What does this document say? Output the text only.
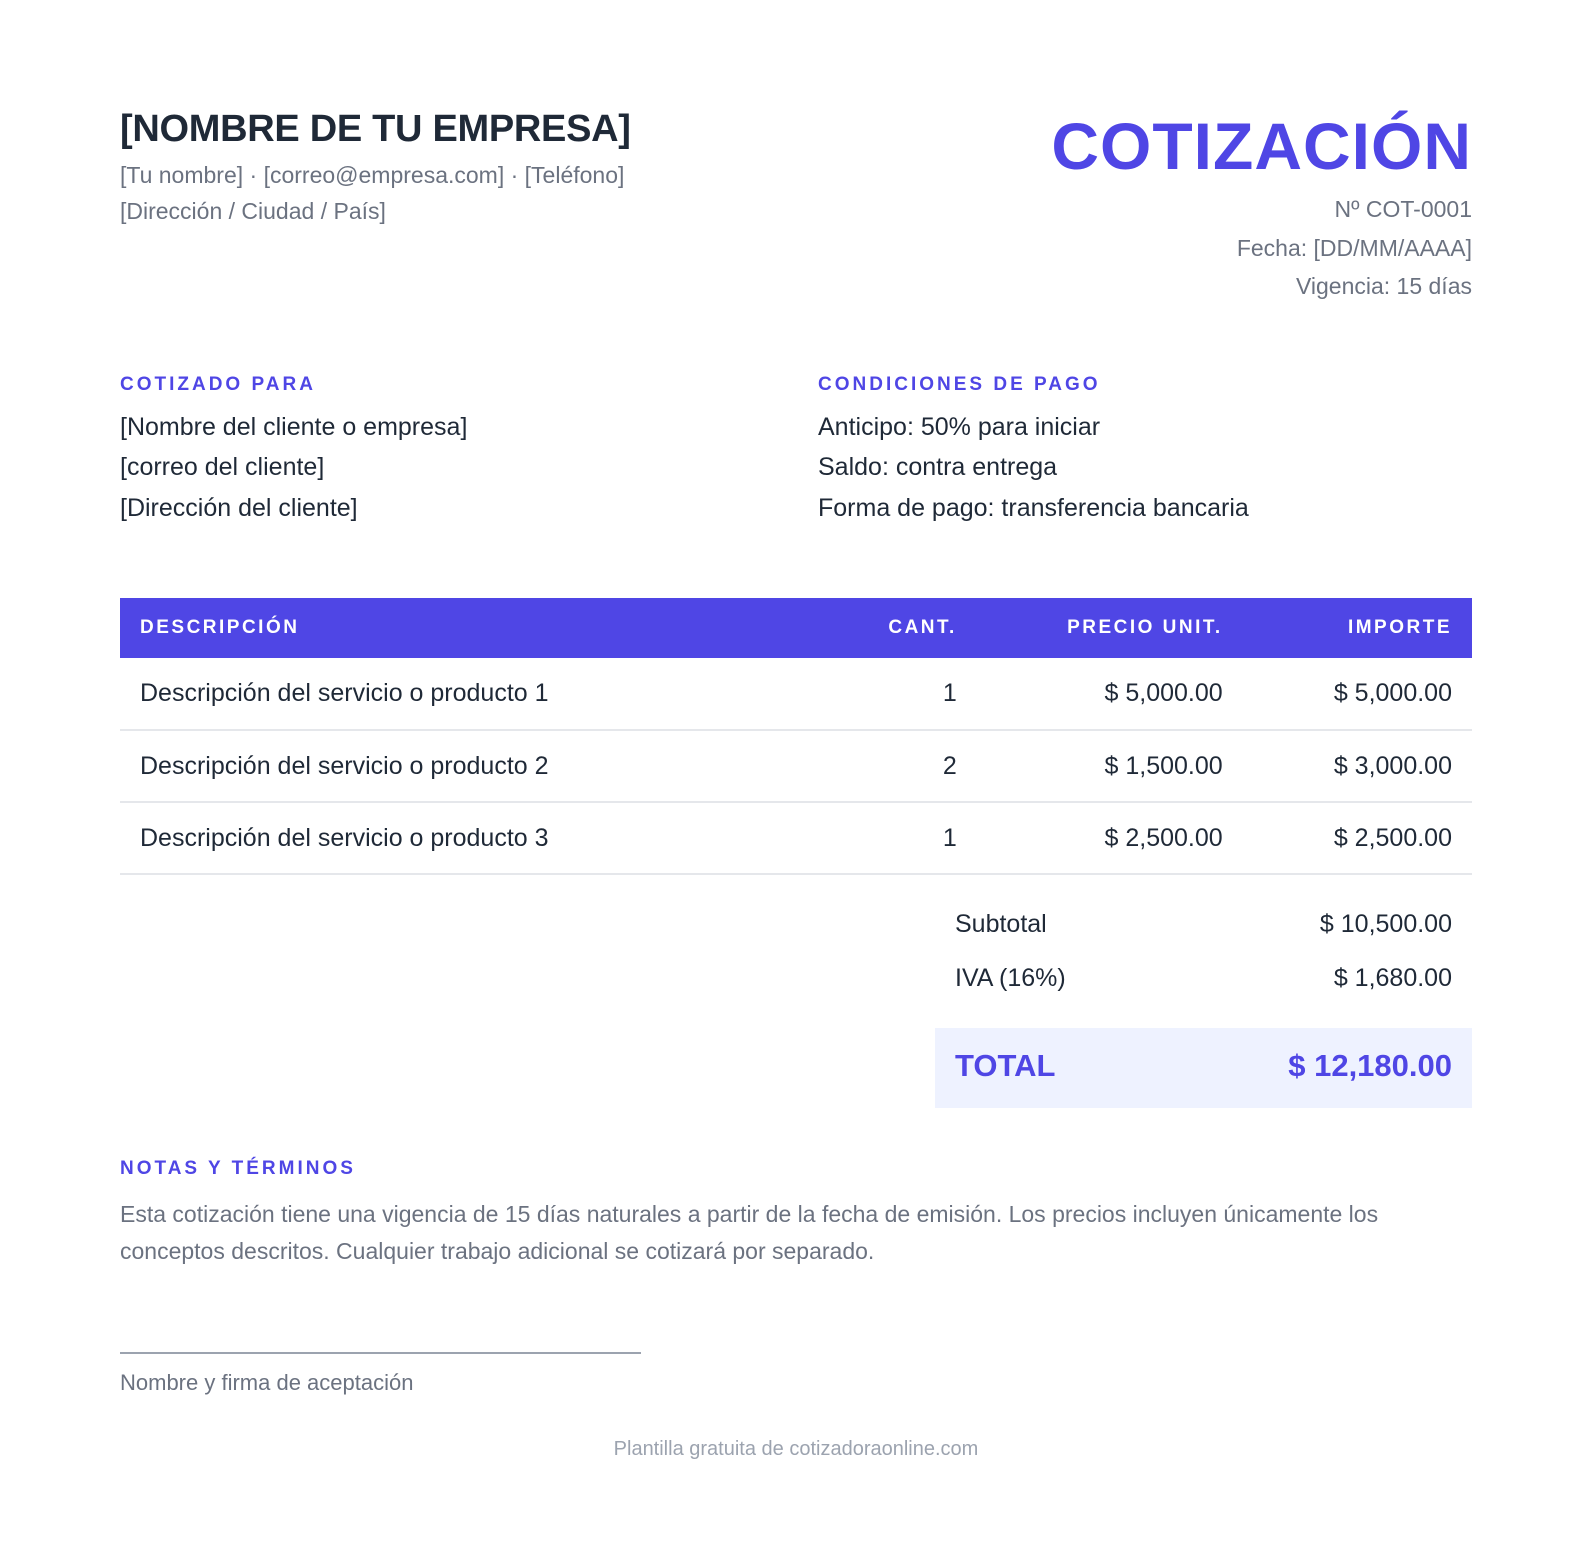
[NOMBRE DE TU EMPRESA]
[Tu nombre] · [correo@empresa.com] · [Teléfono]
[Dirección / Ciudad / País]
COTIZACIÓN
Nº COT-0001
Fecha: [DD/MM/AAAA]
Vigencia: 15 días
COTIZADO PARA
[Nombre del cliente o empresa]
[correo del cliente]
[Dirección del cliente]
CONDICIONES DE PAGO
Anticipo: 50% para iniciar
Saldo: contra entrega
Forma de pago: transferencia bancaria
DESCRIPCIÓN	CANT.	PRECIO UNIT.	IMPORTE
Descripción del servicio o producto 1	1	$ 5,000.00	$ 5,000.00
Descripción del servicio o producto 2	2	$ 1,500.00	$ 3,000.00
Descripción del servicio o producto 3	1	$ 2,500.00	$ 2,500.00
Subtotal	$ 10,500.00
IVA (16%)	$ 1,680.00
TOTAL	$ 12,180.00
NOTAS Y TÉRMINOS
Esta cotización tiene una vigencia de 15 días naturales a partir de la fecha de emisión. Los precios incluyen únicamente los conceptos descritos. Cualquier trabajo adicional se cotizará por separado.
Nombre y firma de aceptación
Plantilla gratuita de cotizadoraonline.com
